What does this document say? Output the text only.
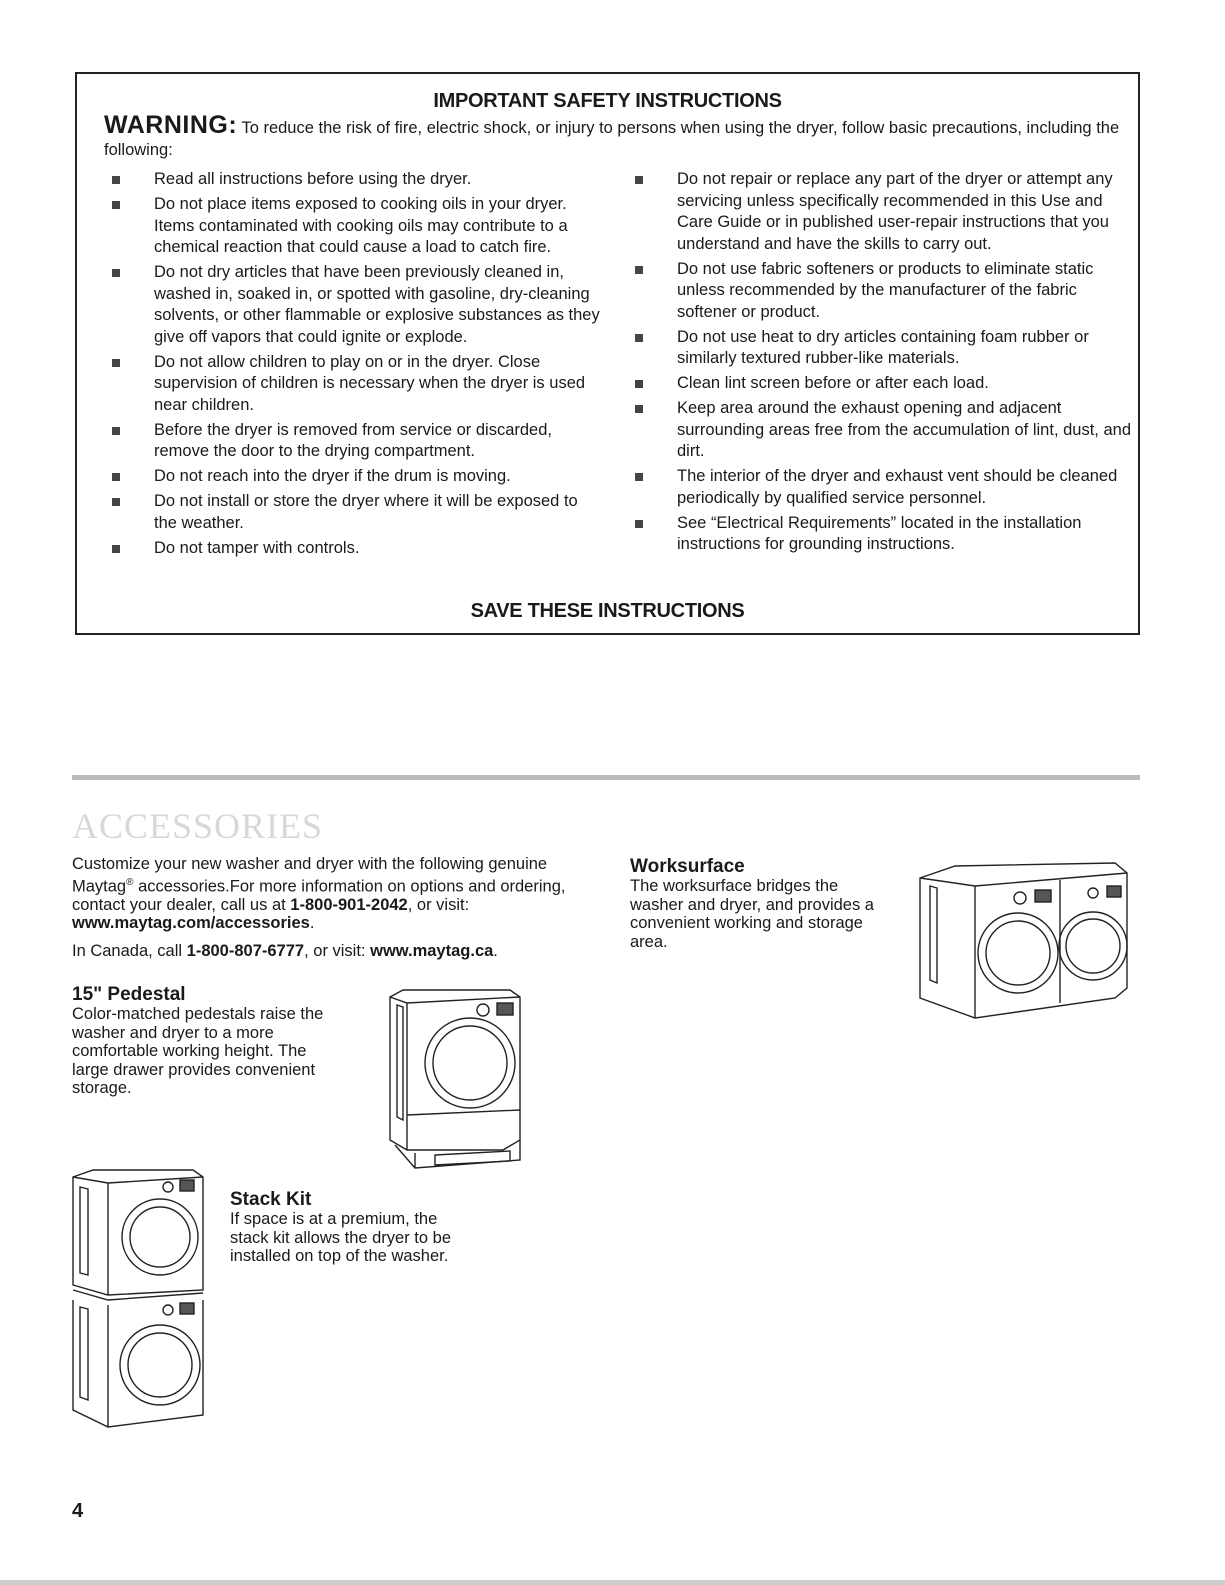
IMPORTANT SAFETY INSTRUCTIONS
WARNING: To reduce the risk of fire, electric shock, or injury to persons when using the dryer, follow basic precautions, including the following:
Read all instructions before using the dryer.
Do not place items exposed to cooking oils in your dryer. Items contaminated with cooking oils may contribute to a chemical reaction that could cause a load to catch fire.
Do not dry articles that have been previously cleaned in, washed in, soaked in, or spotted with gasoline, dry-cleaning solvents, or other flammable or explosive substances as they give off vapors that could ignite or explode.
Do not allow children to play on or in the dryer. Close supervision of children is necessary when the dryer is used near children.
Before the dryer is removed from service or discarded, remove the door to the drying compartment.
Do not reach into the dryer if the drum is moving.
Do not install or store the dryer where it will be exposed to the weather.
Do not tamper with controls.
Do not repair or replace any part of the dryer or attempt any servicing unless specifically recommended in this Use and Care Guide or in published user-repair instructions that you understand and have the skills to carry out.
Do not use fabric softeners or products to eliminate static unless recommended by the manufacturer of the fabric softener or product.
Do not use heat to dry articles containing foam rubber or similarly textured rubber-like materials.
Clean lint screen before or after each load.
Keep area around the exhaust opening and adjacent surrounding areas free from the accumulation of lint, dust, and dirt.
The interior of the dryer and exhaust vent should be cleaned periodically by qualified service personnel.
See “Electrical Requirements” located in the installation instructions for grounding instructions.
SAVE THESE INSTRUCTIONS
ACCESSORIES

Customize your new washer and dryer with the following genuine Maytag® accessories.For more information on options and ordering, contact your dealer, call us at 1-800-901-2042, or visit: www.maytag.com/accessories.

In Canada, call 1-800-807-6777, or visit: www.maytag.ca.

15" Pedestal
Color-matched pedestals raise the washer and dryer to a more comfortable working height. The large drawer provides convenient storage.
Worksurface
The worksurface bridges the washer and dryer, and provides a convenient working and storage area.
Stack Kit
If space is at a premium, the stack kit allows the dryer to be installed on top of the washer.
4
